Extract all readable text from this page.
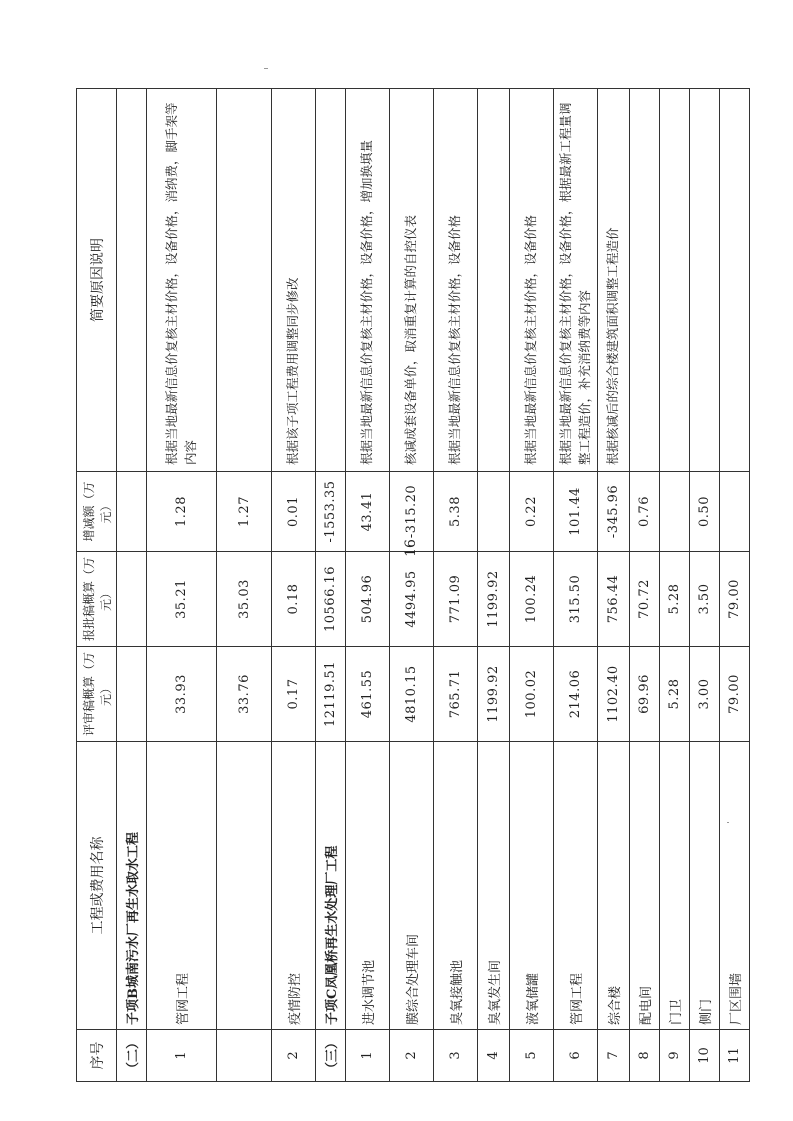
序号	工程或费用名称	评审稿概算（万元）	报批稿概算（万元）	增减额（万元）	简要原因说明
（二）	子项B城南污水厂再生水取水工程				
1	管网工程	33.93	35.21	1.28	根据当地最新信息价复核主材价格，设备价格，消纳费，脚手架等内容
		33.76	35.03	1.27	
2	疫情防控	0.17	0.18	0.01	根据该子项工程费用调整同步修改
（三）	子项C凤凰桥再生水处理厂工程	12119.51	10566.16	-1553.35	
1	进水调节池	461.55	504.96	43.41	根据当地最新信息价复核主材价格，设备价格，增加换填量
2	膜综合处理车间	4810.15	4494.95	-315.20	核减成套设备单价，取消重复计算的自控仪表
3	臭氧接触池	765.71	771.09	5.38	根据当地最新信息价复核主材价格，设备价格
4	臭氧发生间	1199.92	1199.92		
5	液氧储罐	100.02	100.24	0.22	根据当地最新信息价复核主材价格，设备价格
6	管网工程	214.06	315.50	101.44	根据当地最新信息价复核主材价格，设备价格，根据最新工程量调整工程造价，补充消纳费等内容
7	综合楼	1102.40	756.44	-345.96	根据核减后的综合楼建筑面积调整工程造价
8	配电间	69.96	70.72	0.76	
9	门卫	5.28	5.28		
10	侧门	3.00	3.50	0.50	
11	厂区围墙	79.00	79.00		
16
